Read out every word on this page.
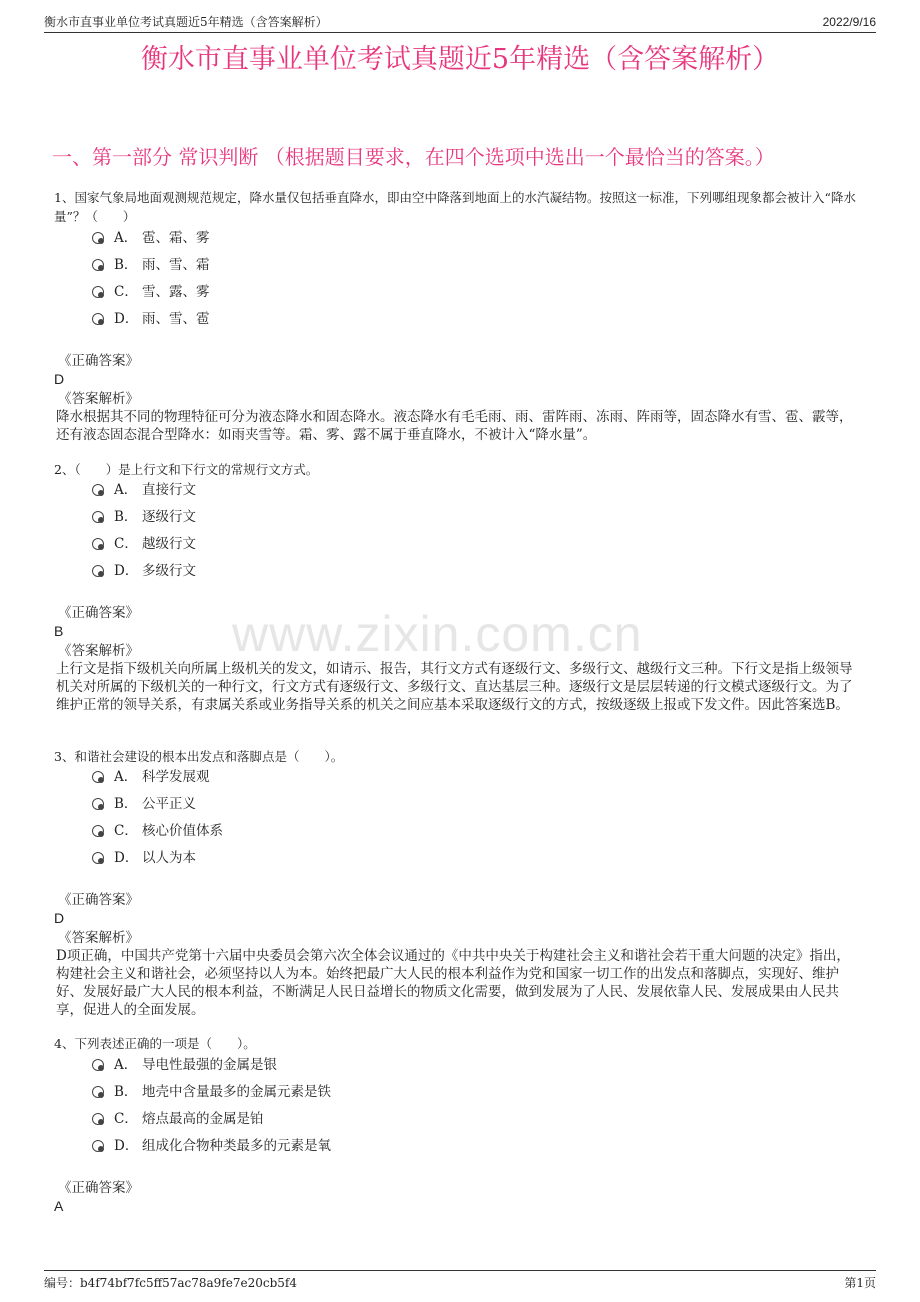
衡水市直事业单位考试真题近5年精选（含答案解析）	2022/9/16
衡水市直事业单位考试真题近5年精选（含答案解析）
一、第一部分 常识判断 （根据题目要求，在四个选项中选出一个最恰当的答案。）
www.zixin.com.cn
1、国家气象局地面观测规范规定，降水量仅包括垂直降水，即由空中降落到地面上的水汽凝结物。按照这一标准，下列哪组现象都会被计入“降水量”？（　　）
A． 雹、霜、雾
B． 雨、雪、霜
C． 雪、露、雾
D． 雨、雪、雹
《正确答案》
D
《答案解析》
降水根据其不同的物理特征可分为液态降水和固态降水。液态降水有毛毛雨、雨、雷阵雨、冻雨、阵雨等，固态降水有雪、雹、霰等，还有液态固态混合型降水：如雨夹雪等。霜、雾、露不属于垂直降水，不被计入“降水量”。
2、（　　）是上行文和下行文的常规行文方式。
A． 直接行文
B． 逐级行文
C． 越级行文
D． 多级行文
《正确答案》
B
《答案解析》
上行文是指下级机关向所属上级机关的发文，如请示、报告，其行文方式有逐级行文、多级行文、越级行文三种。下行文是指上级领导机关对所属的下级机关的一种行文，行文方式有逐级行文、多级行文、直达基层三种。逐级行文是层层转递的行文模式逐级行文。为了维护正常的领导关系，有隶属关系或业务指导关系的机关之间应基本采取逐级行文的方式，按级逐级上报或下发文件。因此答案选B。
3、和谐社会建设的根本出发点和落脚点是（　　）。
A． 科学发展观
B． 公平正义
C． 核心价值体系
D． 以人为本
《正确答案》
D
《答案解析》
D项正确，中国共产党第十六届中央委员会第六次全体会议通过的《中共中央关于构建社会主义和谐社会若干重大问题的决定》指出，构建社会主义和谐社会，必须坚持以人为本。始终把最广大人民的根本利益作为党和国家一切工作的出发点和落脚点，实现好、维护好、发展好最广大人民的根本利益，不断满足人民日益增长的物质文化需要，做到发展为了人民、发展依靠人民、发展成果由人民共享，促进人的全面发展。
4、下列表述正确的一项是（　　）。
A． 导电性最强的金属是银
B． 地壳中含量最多的金属元素是铁
C． 熔点最高的金属是铂
D． 组成化合物种类最多的元素是氧
《正确答案》
A
编号：b4f74bf7fc5ff57ac78a9fe7e20cb5f4	第1页
